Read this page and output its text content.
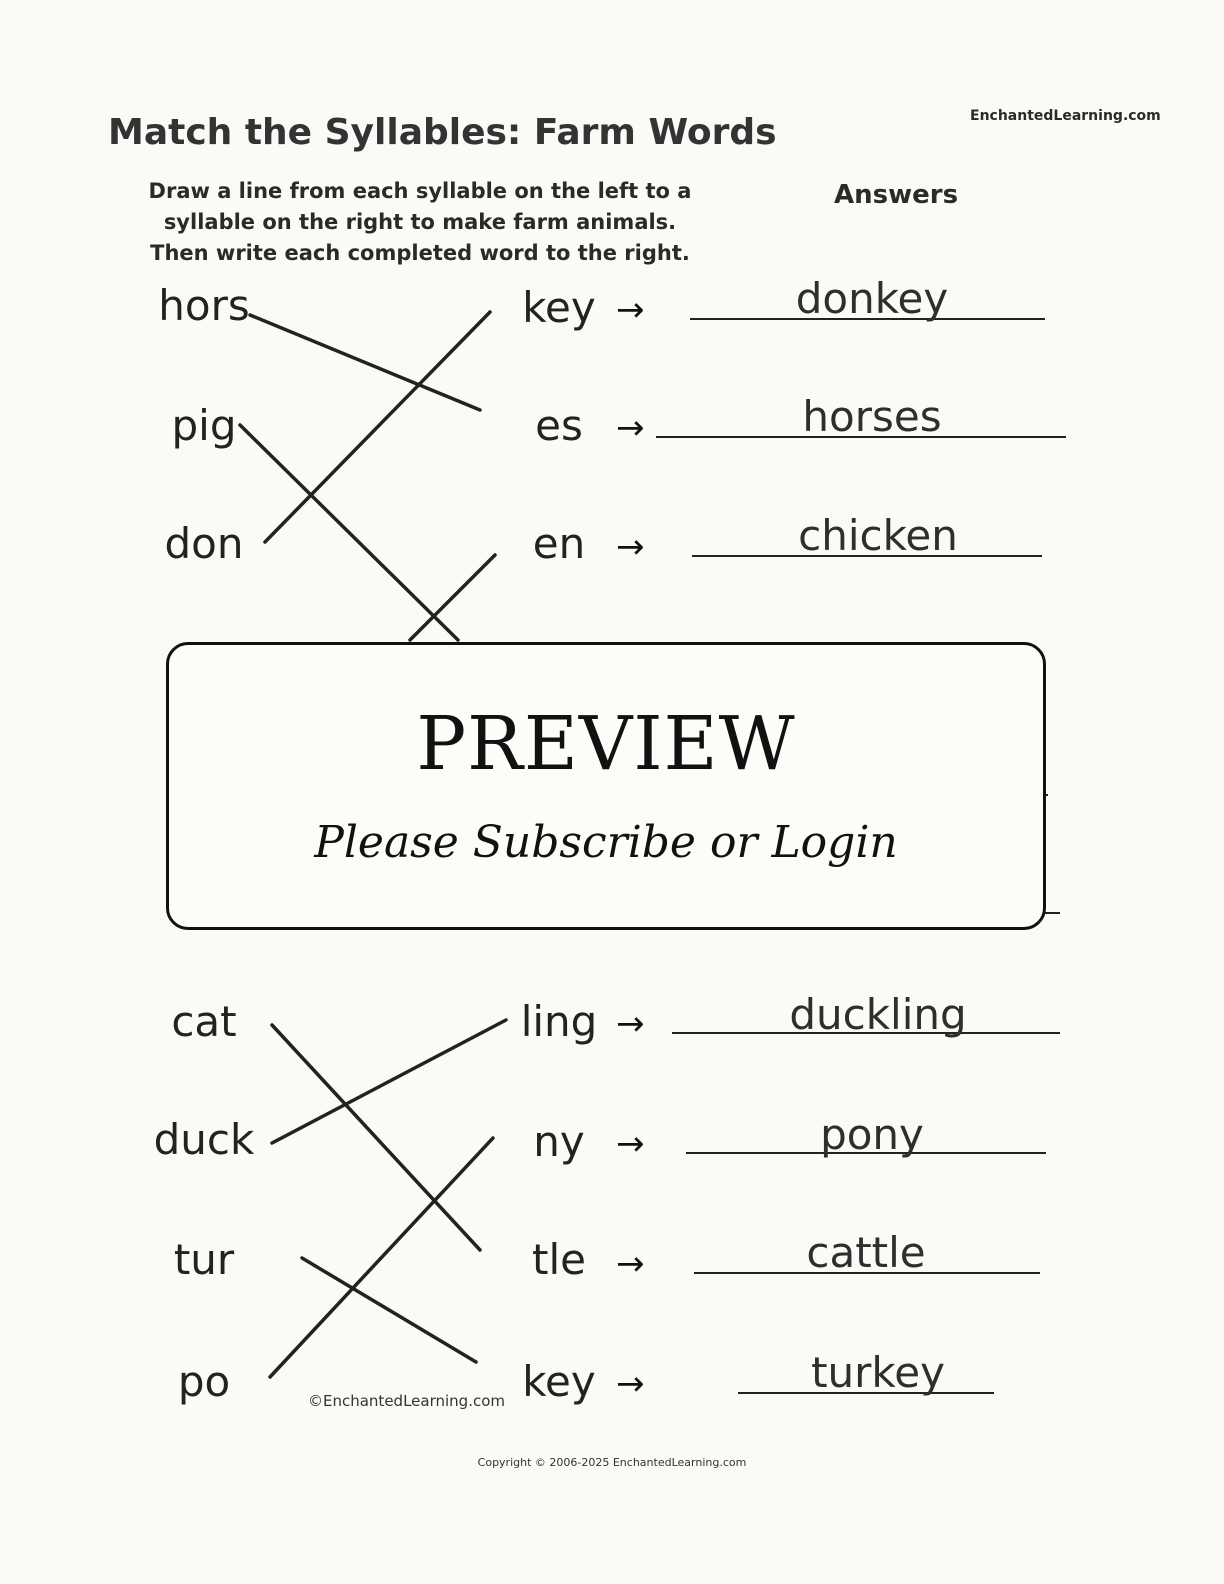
EnchantedLearning.com
Match the Syllables: Farm Words
Draw a line from each syllable on the left to a
syllable on the right to make farm animals.
Then write each completed word to the right.
Answers
hors	key →	donkey
pig	es →	horses
don	en →	chicken
cat	ling →	duckling
duck	ny →	pony
tur	tle →	cattle
po	key →	turkey
©EnchantedLearning.com
PREVIEW
Please Subscribe or Login
Copyright © 2006-2025 EnchantedLearning.com
